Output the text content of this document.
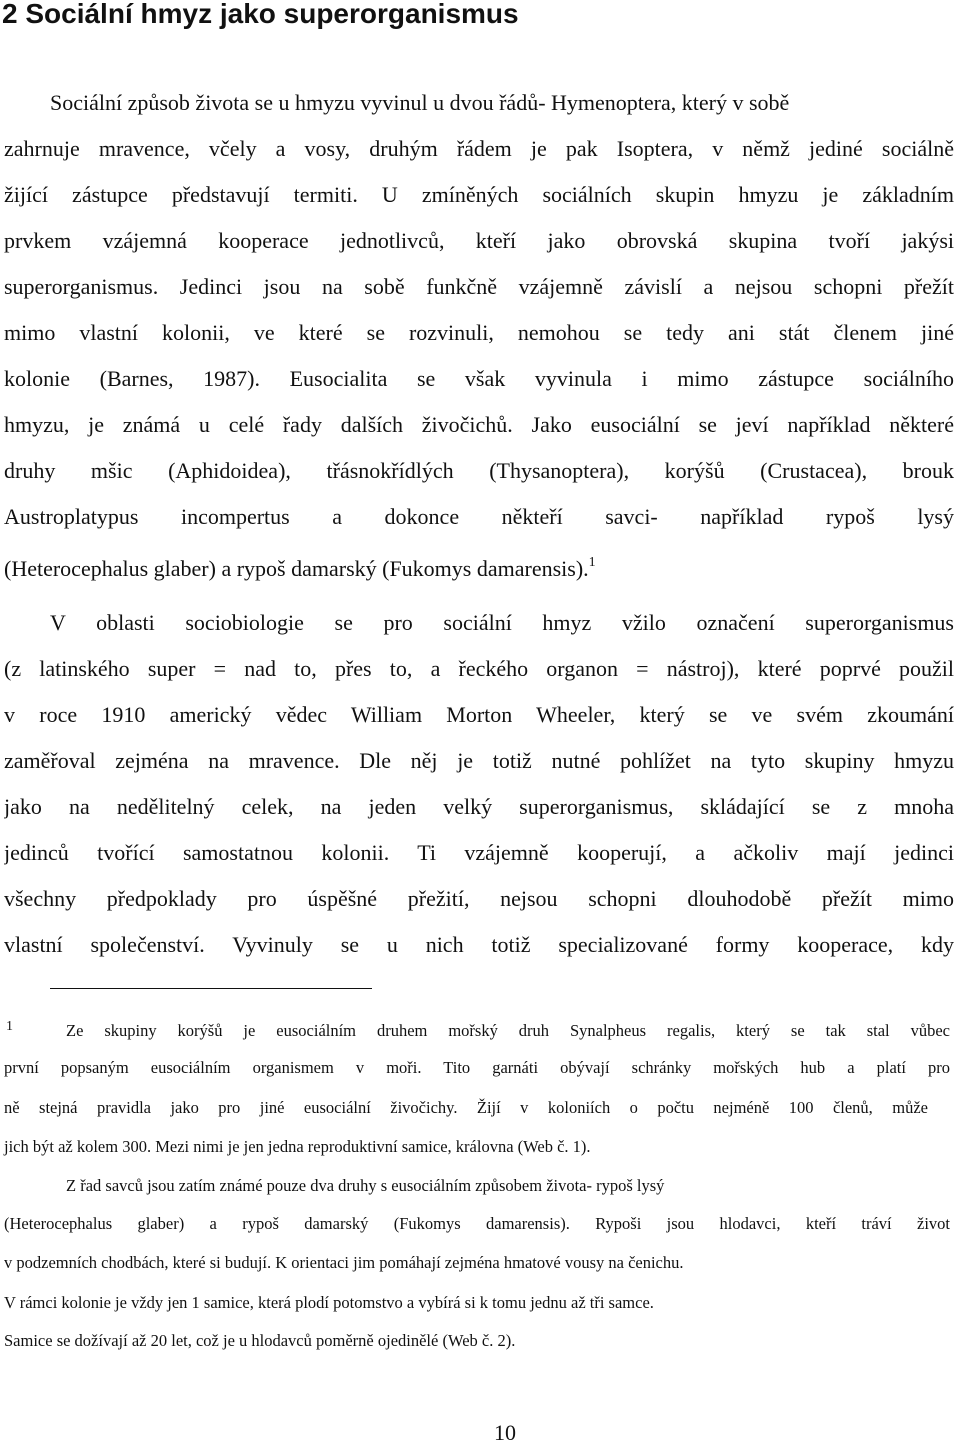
2 Sociální hmyz jako superorganismus
Sociální způsob života se u hmyzu vyvinul u dvou řádů- Hymenoptera, který v sobě
zahrnuje mravence, včely a vosy, druhým řádem je pak Isoptera, v němž jediné sociálně
žijící zástupce představují termiti. U zmíněných sociálních skupin hmyzu je základním
prvkem vzájemná kooperace jednotlivců, kteří jako obrovská skupina tvoří jakýsi
superorganismus. Jedinci jsou na sobě funkčně vzájemně závislí a nejsou schopni přežít
mimo vlastní kolonii, ve které se rozvinuli, nemohou se tedy ani stát členem jiné
kolonie (Barnes, 1987). Eusocialita se však vyvinula i mimo zástupce sociálního
hmyzu, je známá u celé řady dalších živočichů. Jako eusociální se jeví například některé
druhy mšic (Aphidoidea), třásnokřídlých (Thysanoptera), korýšů (Crustacea), brouk
Austroplatypus incompertus a dokonce někteří savci- například rypoš lysý
(Heterocephalus glaber) a rypoš damarský (Fukomys damarensis).$^1$
V oblasti sociobiologie se pro sociální hmyz vžilo označení superorganismus
(z latinského super = nad to, přes to, a řeckého organon = nástroj), které poprvé použil
v roce 1910 americký vědec William Morton Wheeler, který se ve svém zkoumání
zaměřoval zejména na mravence. Dle něj je totiž nutné pohlížet na tyto skupiny hmyzu
jako na nedělitelný celek, na jeden velký superorganismus, skládající se z mnoha
jedinců tvořící samostatnou kolonii. Ti vzájemně kooperují, a ačkoliv mají jedinci
všechny předpoklady pro úspěšné přežití, nejsou schopni dlouhodobě přežít mimo
vlastní společenství. Vyvinuly se u nich totiž specializované formy kooperace, kdy
1	Ze skupiny korýšů je eusociálním druhem mořský druh Synalpheus regalis, který se tak stal vůbec
první popsaným eusociálním organismem v moři. Tito garnáti obývají schránky mořských hub a platí pro
ně stejná pravidla jako pro jiné eusociální živočichy. Žijí v koloniích o počtu nejméně 100 členů, může
jich být až kolem 300. Mezi nimi je jen jedna reproduktivní samice, královna (Web č. 1).
Z řad savců jsou zatím známé pouze dva druhy s eusociálním způsobem života- rypoš lysý
(Heterocephalus glaber) a rypoš damarský (Fukomys damarensis). Rypoši jsou hlodavci, kteří tráví život
v podzemních chodbách, které si budují. K orientaci jim pomáhají zejména hmatové vousy na čenichu.
V rámci kolonie je vždy jen 1 samice, která plodí potomstvo a vybírá si k tomu jednu až tři samce.
Samice se dožívají až 20 let, což je u hlodavců poměrně ojedinělé (Web č. 2).
10
